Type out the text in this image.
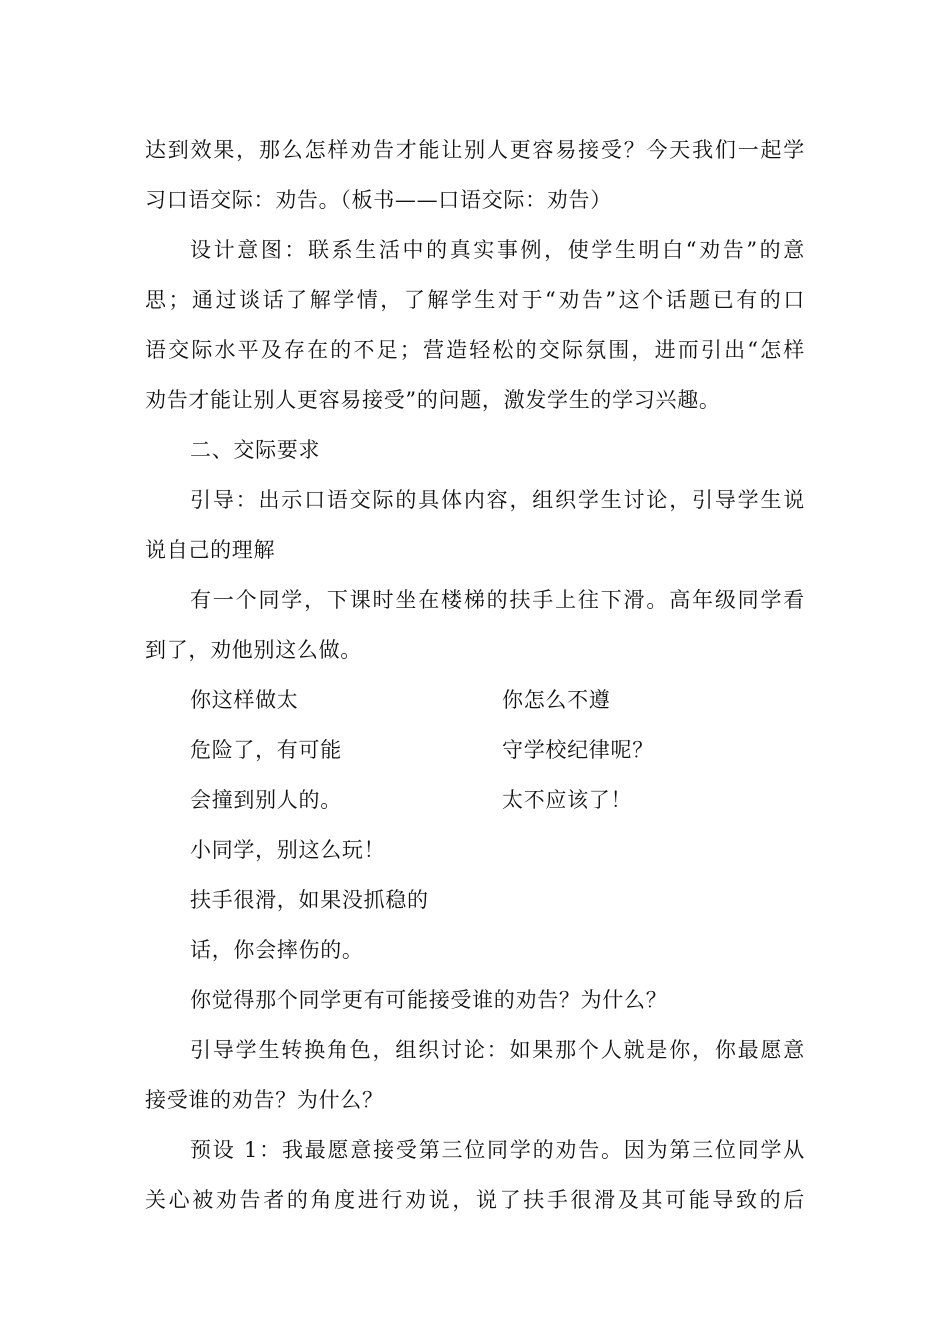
达到效果，那么怎样劝告才能让别人更容易接受？今天我们一起学
习口语交际：劝告。（板书——口语交际：劝告）
设计意图：联系生活中的真实事例，使学生明白“劝告”的意
思；通过谈话了解学情，了解学生对于“劝告”这个话题已有的口
语交际水平及存在的不足；营造轻松的交际氛围，进而引出“怎样
劝告才能让别人更容易接受”的问题，激发学生的学习兴趣。
二、交际要求
引导：出示口语交际的具体内容，组织学生讨论，引导学生说
说自己的理解
有一个同学，下课时坐在楼梯的扶手上往下滑。高年级同学看
到了，劝他别这么做。
你这样做太	你怎么不遵
危险了，有可能	守学校纪律呢？
会撞到别人的。	太不应该了！
小同学，别这么玩！
扶手很滑，如果没抓稳的
话，你会摔伤的。
你觉得那个同学更有可能接受谁的劝告？为什么？
引导学生转换角色，组织讨论：如果那个人就是你，你最愿意
接受谁的劝告？为什么？
预设 1：我最愿意接受第三位同学的劝告。因为第三位同学从
关心被劝告者的角度进行劝说，说了扶手很滑及其可能导致的后
